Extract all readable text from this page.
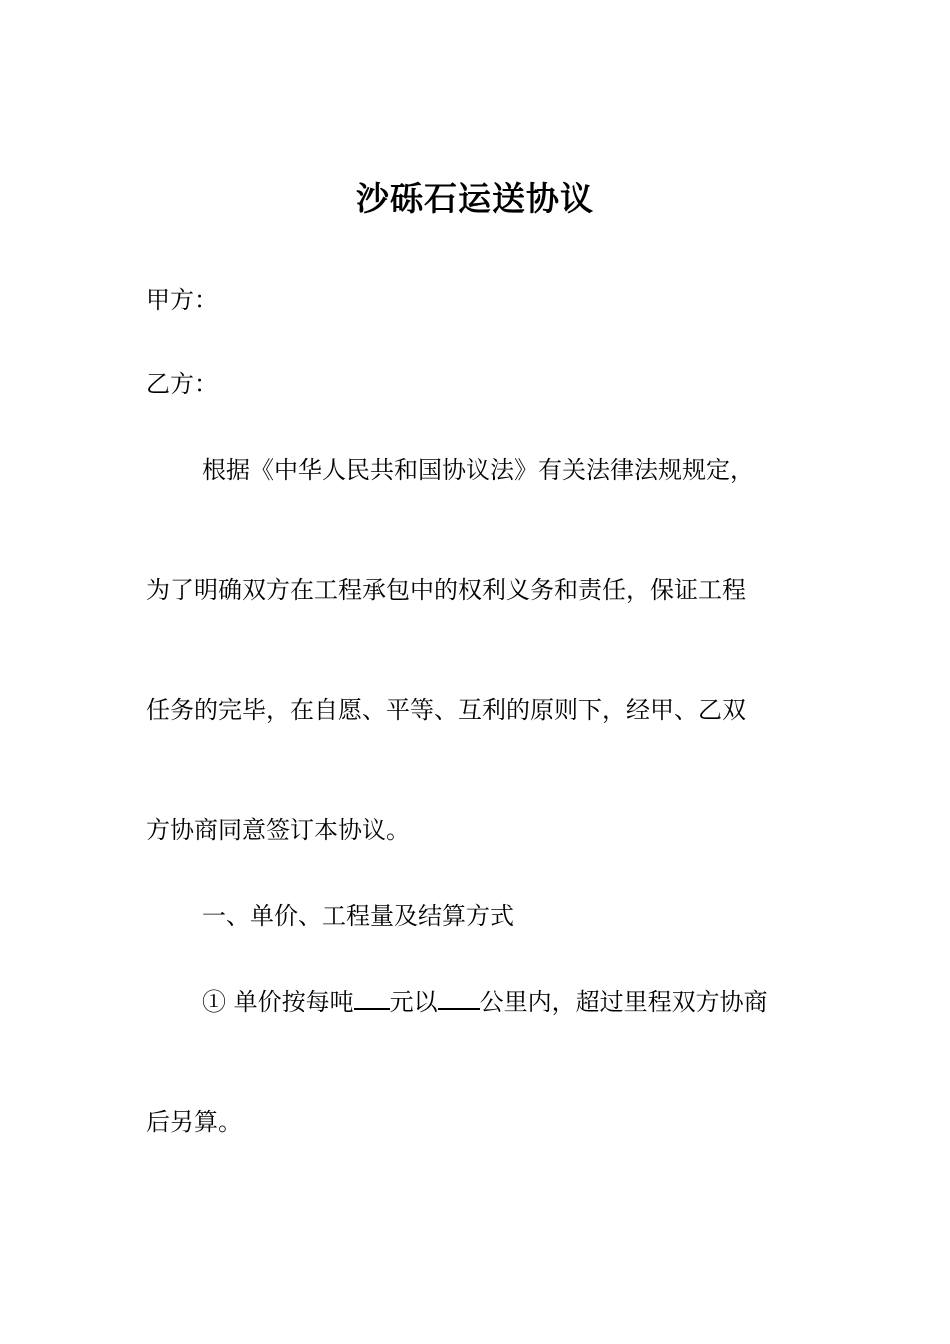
沙砾石运送协议
甲方：
乙方：
根据《中华人民共和国协议法》有关法律法规规定，
为了明确双方在工程承包中的权利义务和责任，保证工程
任务的完毕，在自愿、平等、互利的原则下，经甲、乙双
方协商同意签订本协议。
一、单价、工程量及结算方式
① 单价按每吨 元以 公里内，超过里程双方协商
后另算。
